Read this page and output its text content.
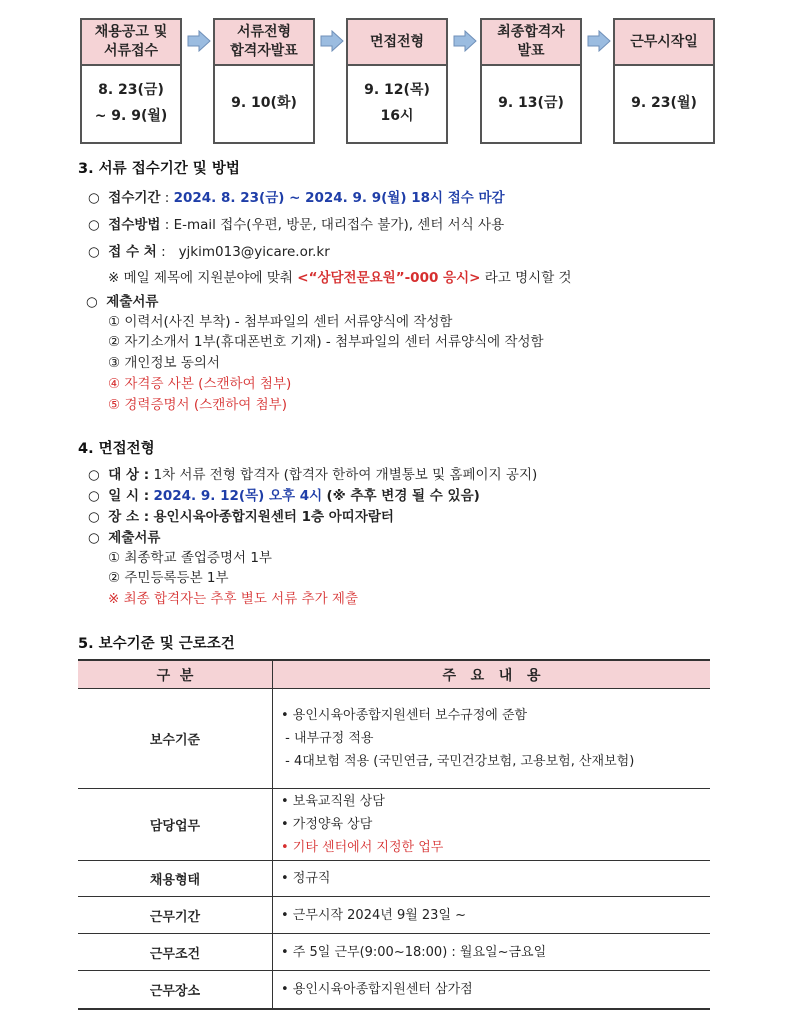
채용공고 및
서류접수
8. 23(금)
~ 9. 9(월)
서류전형
합격자발표
9. 10(화)
면접전형
9. 12(목)
16시
최종합격자
발표
9. 13(금)
근무시작일
9. 23(월)
3. 서류 접수기간 및 방법
○ 접수기간 : 2024. 8. 23(금) ~ 2024. 9. 9(월) 18시 접수 마감
○ 접수방법 : E-mail 접수(우편, 방문, 대리접수 불가), 센터 서식 사용
○ 접 수 처 :   yjkim013@yicare.or.kr
※ 메일 제목에 지원분야에 맞춰 <“상담전문요원”-000 응시> 라고 명시할 것
○ 제출서류
① 이력서(사진 부착) - 첨부파일의 센터 서류양식에 작성함
② 자기소개서 1부(휴대폰번호 기재) - 첨부파일의 센터 서류양식에 작성함
③ 개인정보 동의서
④ 자격증 사본 (스캔하여 첨부)
⑤ 경력증명서 (스캔하여 첨부)
4. 면접전형
○ 대 상 : 1차 서류 전형 합격자 (합격자 한하여 개별통보 및 홈페이지 공지)
○ 일 시 : 2024. 9. 12(목) 오후 4시 (※ 추후 변경 될 수 있음)
○ 장 소 : 용인시육아종합지원센터 1층 아띠자람터
○ 제출서류
① 최종학교 졸업증명서 1부
② 주민등록등본 1부
※ 최종 합격자는 추후 별도 서류 추가 제출
5. 보수기준 및 근로조건
구  분	주   요   내   용
보수기준	• 용인시육아종합지원센터 보수규정에 준함
- 내부규정 적용
- 4대보험 적용 (국민연금, 국민건강보험, 고용보험, 산재보험)

담당업무	• 보육교직원 상담
• 가정양육 상담
• 기타 센터에서 지정한 업무

채용형태	• 정규직
근무기간	• 근무시작 2024년 9월 23일 ~
근무조건	• 주 5일 근무(9:00~18:00) : 월요일~금요일
근무장소	• 용인시육아종합지원센터 삼가점
